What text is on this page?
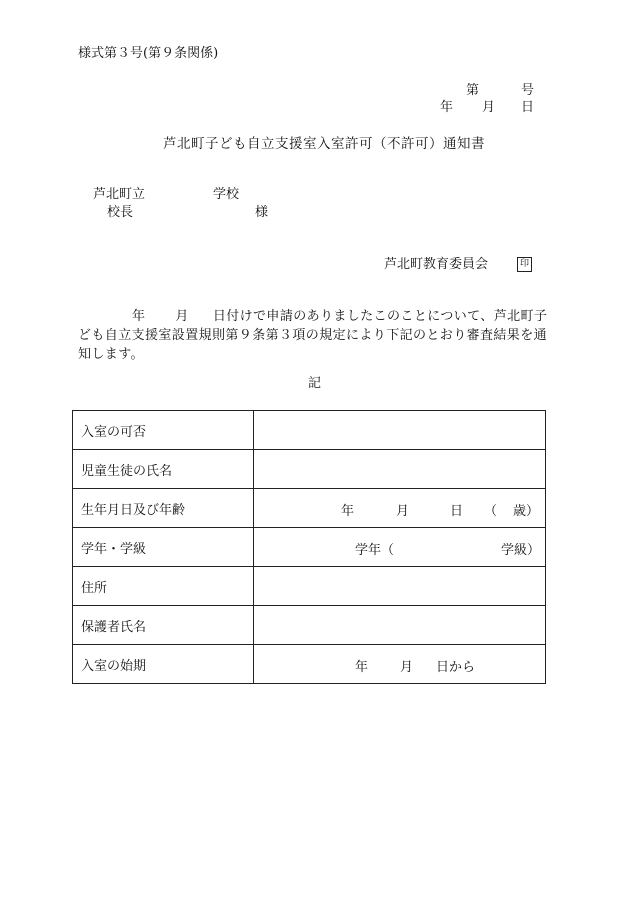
様式第３号(第９条関係)
第	号
年 月 日
芦北町子ども自立支援室入室許可（不許可）通知書
芦北町立	学校
校長	様
芦北町教育委員会	印
年 月 日付けで申請のありましたこのことについて、芦北町子
ども自立支援室設置規則第９条第３項の規定により下記のとおり審査結果を通
知します。
記
入室の可否	
児童生徒の氏名	
生年月日及び年齢	年 月 日 （ 歳）

学年・学級	学年（ 学級）

住所	
保護者氏名	
入室の始期	年 月 日から
